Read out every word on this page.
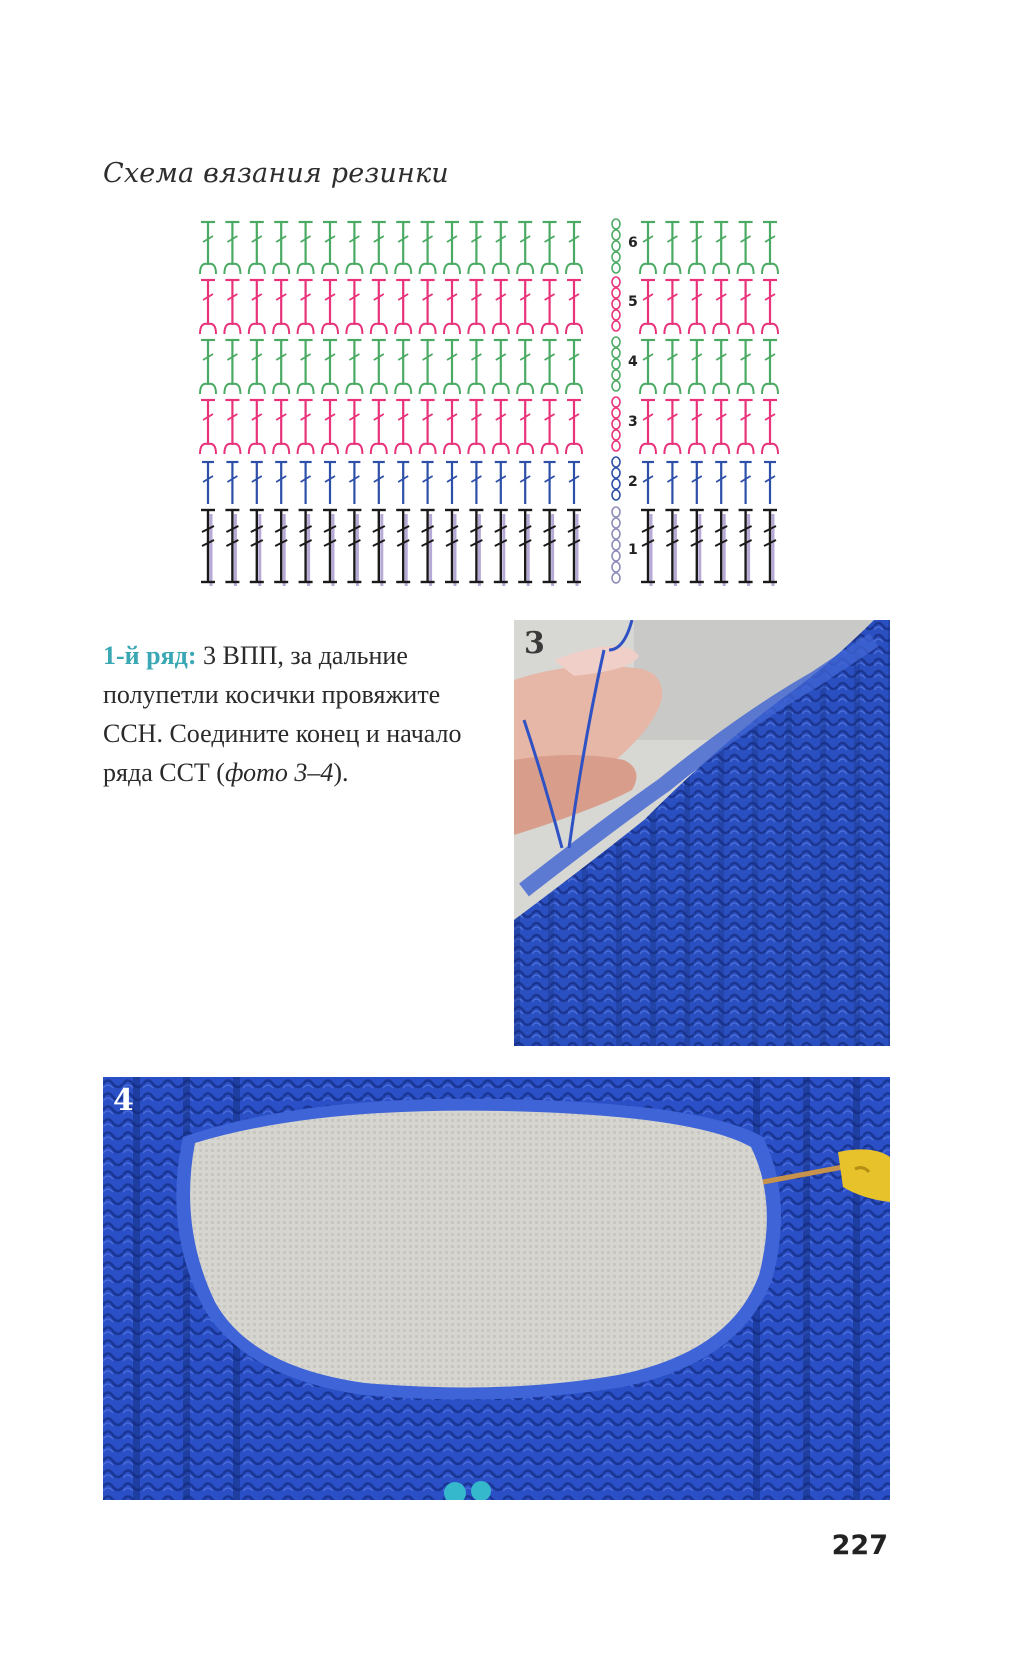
Схема вязания резинки
1
2
3
4
5
6
1-й ряд: 3 ВПП, за дальние полупетли косички провяжите ССН. Соедините конец и начало ряда ССТ (фото 3–4).
3
4
227
